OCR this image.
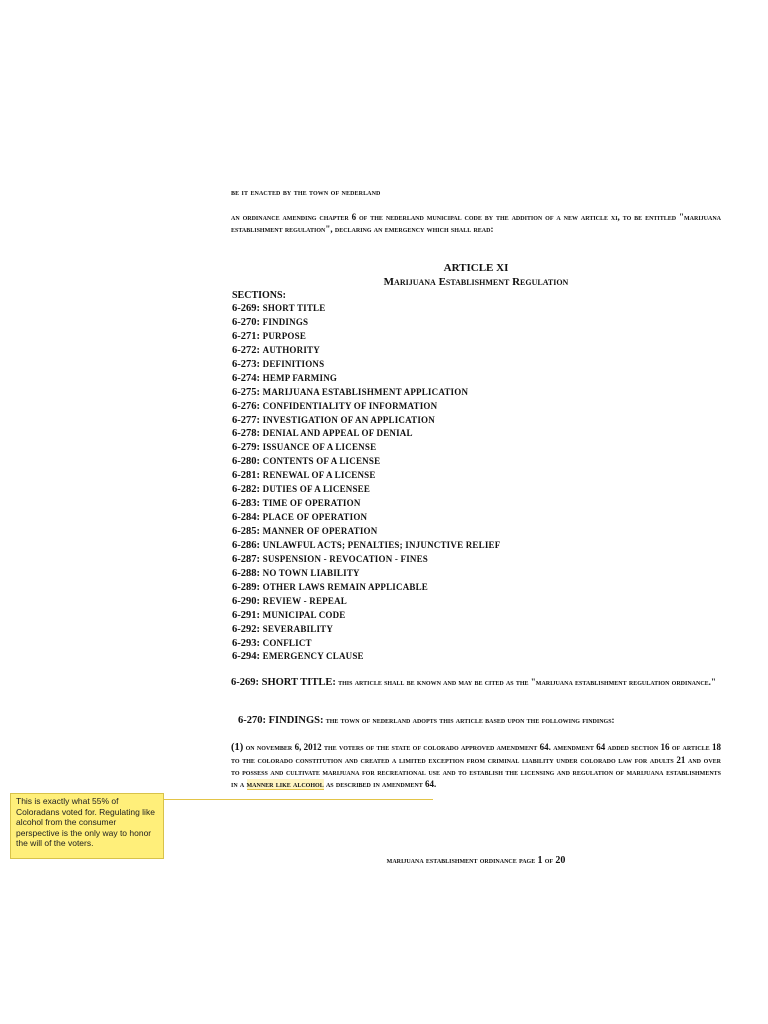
be it enacted by the town of nederland
an ordinance amending chapter 6 of the nederland municipal code by the addition of a new article xi, to be entitled "marijuana establishment regulation", declaring an emergency which shall read:
ARTICLE XI
Marijuana Establishment Regulation
SECTIONS:
6-269: SHORT TITLE
6-270: FINDINGS
6-271: PURPOSE
6-272: AUTHORITY
6-273: DEFINITIONS
6-274: HEMP FARMING
6-275: MARIJUANA ESTABLISHMENT APPLICATION
6-276: CONFIDENTIALITY OF INFORMATION
6-277: INVESTIGATION OF AN APPLICATION
6-278: DENIAL AND APPEAL OF DENIAL
6-279: ISSUANCE OF A LICENSE
6-280: CONTENTS OF A LICENSE
6-281: RENEWAL OF A LICENSE
6-282: DUTIES OF A LICENSEE
6-283: TIME OF OPERATION
6-284: PLACE OF OPERATION
6-285: MANNER OF OPERATION
6-286: UNLAWFUL ACTS; PENALTIES; INJUNCTIVE RELIEF
6-287: SUSPENSION - REVOCATION - FINES
6-288: NO TOWN LIABILITY
6-289: OTHER LAWS REMAIN APPLICABLE
6-290: REVIEW - REPEAL
6-291: MUNICIPAL CODE
6-292: SEVERABILITY
6-293: CONFLICT
6-294: EMERGENCY CLAUSE
6-269: SHORT TITLE: this article shall be known and may be cited as the "marijuana establishment regulation ordinance."
6-270: FINDINGS: the town of nederland adopts this article based upon the following findings:
(1) on november 6, 2012 the voters of the state of colorado approved amendment 64. amendment 64 added section 16 of article 18 to the colorado constitution and created a limited exception from criminal liability under colorado law for adults 21 and over to possess and cultivate marijuana for recreational use and to establish the licensing and regulation of marijuana establishments in a manner like alcohol as described in amendment 64.
This is exactly what 55% of Coloradans voted for. Regulating like alcohol from the consumer perspective is the only way to honor the will of the voters.
marijuana establishment ordinance page 1 of 20
